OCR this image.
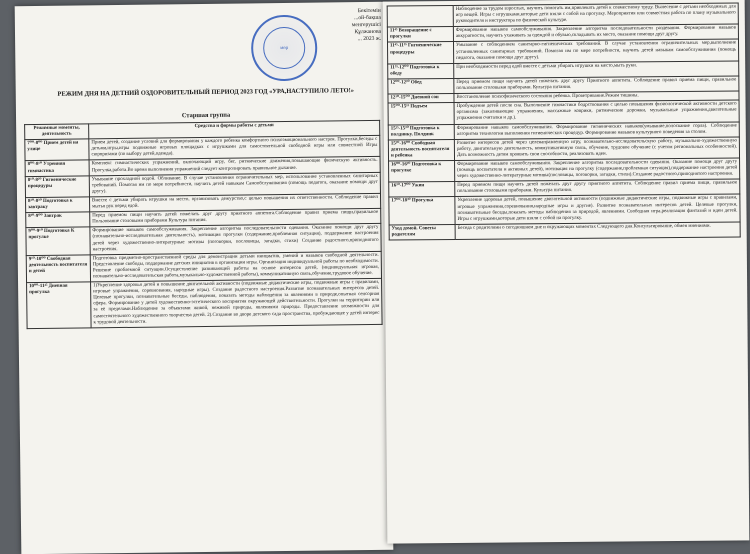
Бекітемін
...ой-бақша
менгерушісі
Құлжанова
... 2023 ж.
мөр
РЕЖИМ ДНЯ НА ДЕТНИЙ ОЗДОРОВИТЕЛЬНЫЙ ПЕРИОД 2023 ГОД «УРА,НАСТУПИЛО ЛЕТО!»
Старшая группа
Режимные моменты, деятельность	Средства и формы работы с детьми
7⁰⁰-8⁰⁰ Прием детей на улице	Прием детей, создание условий для формирования у каждого ребенка комфортного психоэмоционального настроя. Прогулки,беседы с детьми,игры,игры подвижные игровых площадках с игрушками для самостоятельной свободной игры или совместной Игры сюрпризами (по выбору детей,одежда).
8⁰⁰-8¹⁰ Утренняя гимнастика	Комплекс гимнастических упражнений, включающий игру, бег, ритмические движения,повышающие физическую активность. Прогулка,работа.Во время выполнения упражнений следует контролировать правильное дыхание.
8¹⁰-8²⁰ Гигиенические процедуры	Умывание прохладной водой. Обливание. В случае установления ограничительных мер, использование установленных санитарных требований. Помогая им по мере потребности, научить детей навыкам Самообслуживания (помощь педагога, оказание помощи друг другу).
8²⁰-8³⁰ Подготовка к завтраку	Вместе с детьми убирать игрушки на место, организовать дежурство,с целью повышения их ответственности. Соблюдение правил мытья рук перед едой.
8³⁰-9⁰⁰ Завтрак	Перед приемом пищи научить детей пожелать друг другу приятного аппетита.Соблюдение правил приема пищи,правильное Пользование столовыми приборами Культура питания.
9⁰⁰-9¹⁰ Подготовка К прогулке	Формирование навыков самообслуживания. Закрепление алгоритма последовательности одевания. Оказание помощи друг другу (познавательно-исследовательная деятельность), мотивация прогулки (содержание,проблемная ситуация), поддержание настроения детей через художественно-литературные мотивы (поговорки, пословицы, загадки, стихи) Создание радостного,приподнятого настроения.
9¹⁰-10⁰⁰ Свободная деятельность воспитателя и детей	Подготовка предметно-пространственной среды для демонстрации детьми инициатив, умений и навыков свободной деятельности. Представление свободы, поддержание детских инициатив в организации игры. Организация индивидуальной работы по необходимости. Решение проблемной ситуации.Осуществление развивающей работы на основе интересов детей, (индивидуальная игровая, познавательно-исследовательская работа,музыкально-художественной работы), коммуникативную связь,обучение,трудовое обучение.
10⁰⁰-11⁴⁵ Дневная прогулка	1)Укрепление здоровья детей и повышение двигательной активности (подвижные дидактические игры, подвижные игры с правилами, игровые упражнения, соревнования, народные игры). Создание радостного настроения.Развитие познавательных интересов детей. Целевые прогулки, познавательные беседы, наблюдения, показать методы наблюдения за явлениями в природе,опытная сенсорная сфера. Формирование у детей художественно-эстетического восприятия окружающей действительности. Прогулки на территории или за её пределами.Наблюдение за объектами живой, неживой природы, явлениями природы. Предоставление возможности для самостоятельного художественного творчества детей. 2).Создание во дворе детского сада пространства, пробуждающее у детей интерес к трудовой деятельности.
	Наблюдение за трудом взрослых, научить помогать им,привлекать детей к совместному труду. Вынесение с детьми необходимых для игр вещей. Игры с игрушками,которые дети взяли с собой на прогулку. Мероприятия или совместная работа по плану музыкального руководителя и инструктора по физической культуре.
11⁴⁵ Возвращение с прогулки	Формирование навыков самообслуживания. Закрепление алгоритма последовательности раздевания. Формирование навыков аккуратности, научить ухаживать за одеждой и обувью,складывать их место, оказание помощи друг другу.
11⁴⁵-11⁵⁵ Гигиенические процедуры	Умывание с соблюдением санитарно-гигиенических требований. В случае установления ограничительных мер,выполнение установленных санитарных требований. Помогая им по мере потребности, научить детей навыкам самообслуживания (помощь педагога, оказание помощи друг другу).
11⁵⁵-12⁰⁰ Подготовка к обеду	При необходимости перед едой вместе с детьми убирать игрушки на место,мыть руки.
12⁰⁰-12³⁰ Обед	Перед приемом пищи научить детей пожелать друг другу Приятного аппетита. Соблюдение правил приема пищи, правильное пользование столовыми приборами. Культура питания.
12³⁰-15⁰⁰ Дневной сон	Восстановление психофизического состояния ребенка. Проветривание.Режим тишины.
15⁰⁰-15¹⁵ Подъем	Пробуждение детей после сна. Выполнение гимнастики бодрствования с целью повышения физиологической активности детского организма (закаливающие упражнения, массажные коврики, ритмические дорожки, музыкальные упражнения,двигательные упражнения считалки и др.).
15¹⁵-15³⁰ Подготовка к полднику. Полдник	Формирование навыков самообслуживания. Формирование гигиенических навыков(умывание,полоскание горла). Соблюдение алгоритма технологии выполнения гигиенических процедур. Формирование навыков культурного поведения за столом.
15³⁰-16⁰⁰ Свободная деятельность воспитателя и ребенка	Развитие интересов детей через целенаправленную игру, познавательно-исследовательскую работу, музыкально-художественную работу, двигательную деятельность, коммуникативную связь, обучение, трудовое обучение (с учетом региональных особенностей). Дать возможность детям проявить свои способности, реализовать идеи.
16⁰⁰-16³⁰ Подготовка к прогулке	Формирование навыков самообслуживания. Закрепление алгоритма последовательности одевания. Оказание помощи друг другу (помощь воспитателя и активных детей), мотивация на прогулку (содержание,проблемная ситуация),поддержание настроения детей через художественно-литературные мотивы(пословицы, поговорки, загадки, стихи).Создание радостного,приподнятого настроения.
16³⁰-17⁰⁰ Ужин	Перед приемом пищи научить детей пожелать друг другу приятного аппетита. Соблюдение правил приема пищи, правильное пользование столовыми приборами. Культура питания.
17⁰⁰-18³⁰ Прогулка	Укрепление здоровья детей, повышение двигательной активности (подвижные дидактические игры, подвижные игры с правилами, игровые упражнения,соревнования,народные игры и другие). Развитие познавательных интересов детей. Целевые прогулки, познавательные беседы,показать методы наблюдения за природой, явлениями. Свободная игра,реализация фантазий и идеи детей. Игры с игрушками,которые дети взяли с собой на прогулку.
Уход домой. Советы родителям	Беседа с родителями о сегодняшнем дне и окружающих моментах Следующего дня.Консультирование, обмен мнениями.
